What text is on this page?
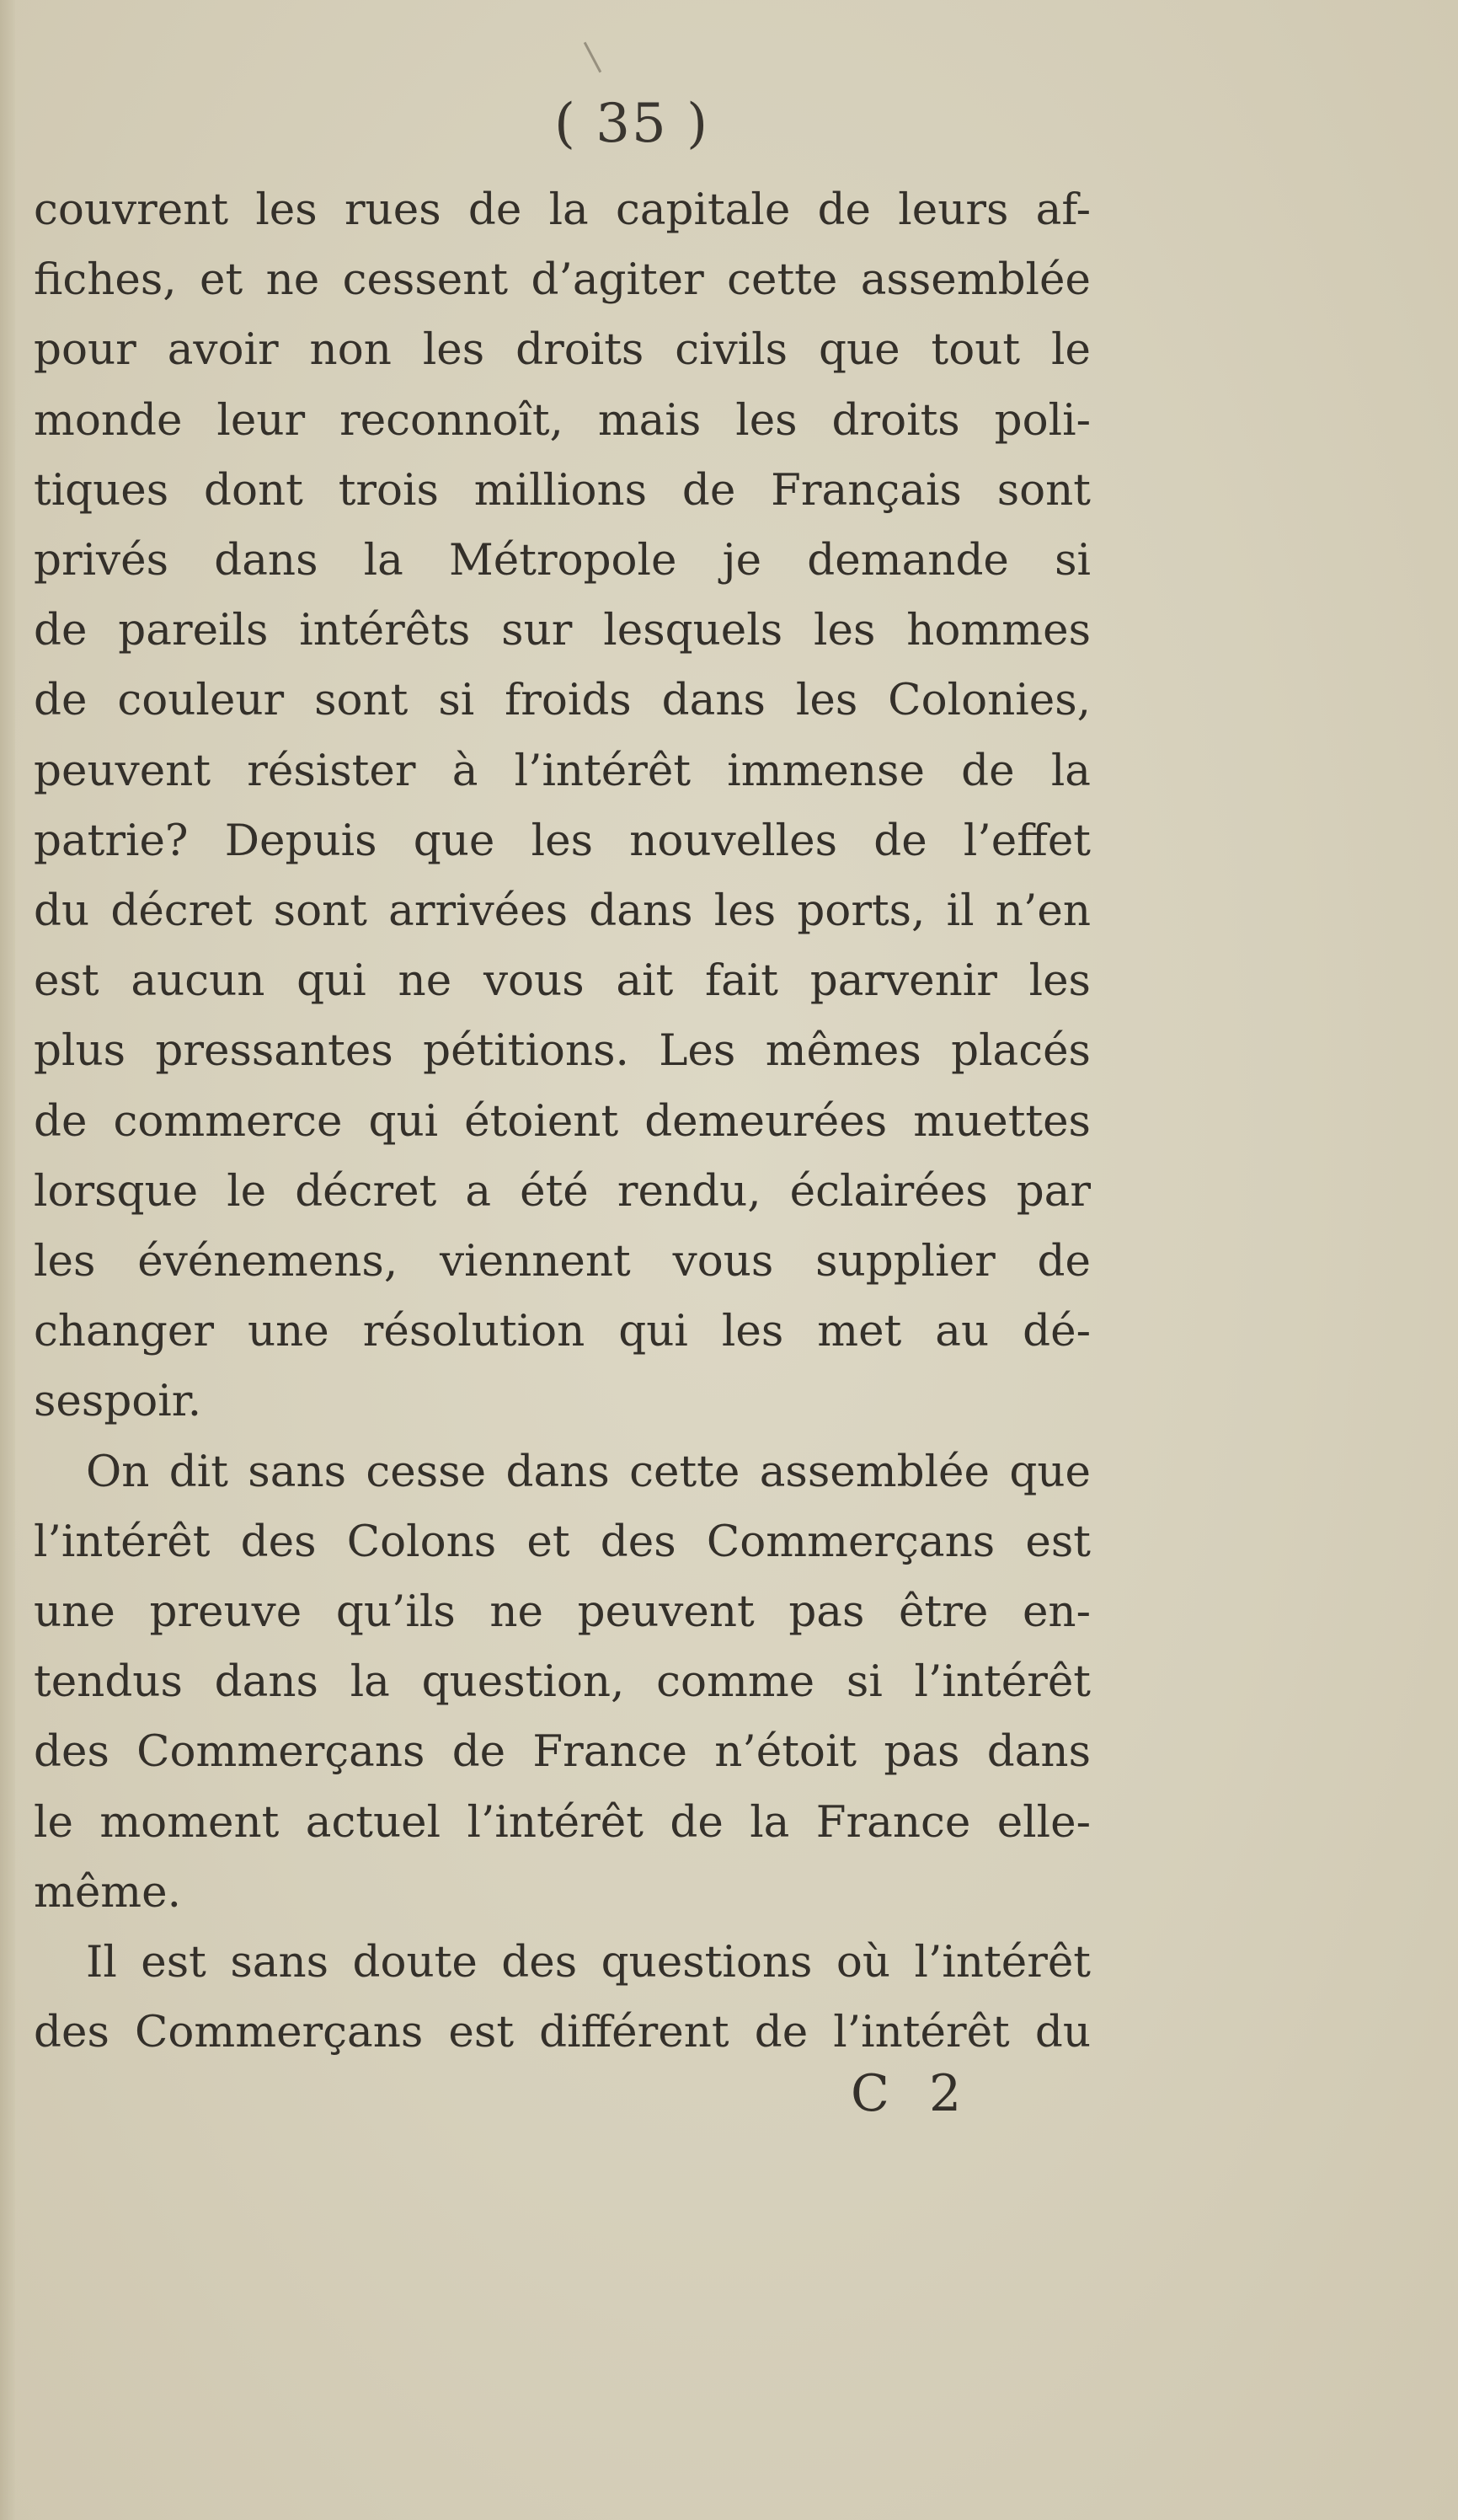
( 35 )
couvrent les rues de la capitale de leurs af-
fiches, et ne cessent d’agiter cette assemblée
pour avoir non les droits civils que tout le
monde leur reconnoît, mais les droits poli-
tiques dont trois millions de Français sont
privés dans la Métropole je demande si
de pareils intérêts sur lesquels les hommes
de couleur sont si froids dans les Colonies,
peuvent résister à l’intérêt immense de la
patrie? Depuis que les nouvelles de l’effet
du décret sont arrivées dans les ports, il n’en
est aucun qui ne vous ait fait parvenir les
plus pressantes pétitions. Les mêmes placés
de commerce qui étoient demeurées muettes
lorsque le décret a été rendu, éclairées par
les événemens, viennent vous supplier de
changer une résolution qui les met au dé-
sespoir.
On dit sans cesse dans cette assemblée que
l’intérêt des Colons et des Commerçans est
une preuve qu’ils ne peuvent pas être en-
tendus dans la question, comme si l’intérêt
des Commerçans de France n’étoit pas dans
le moment actuel l’intérêt de la France elle-
même.
Il est sans doute des questions où l’intérêt
des Commerçans est différent de l’intérêt du
C 2
